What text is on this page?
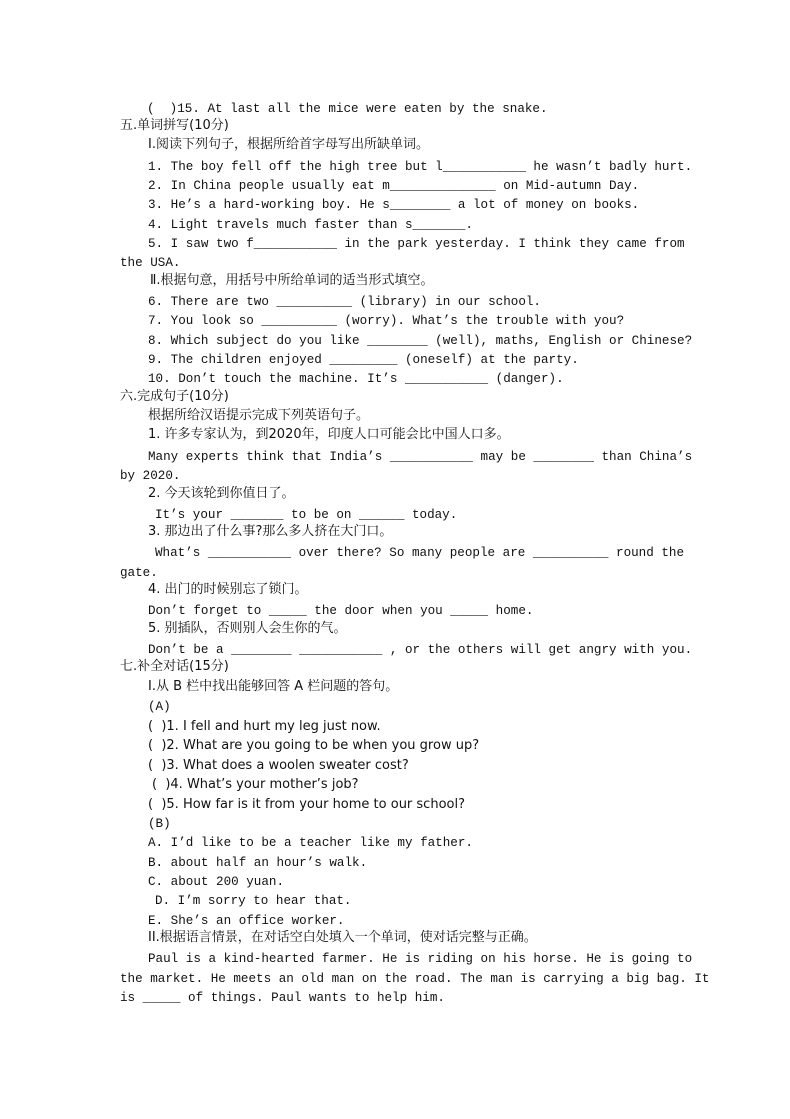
(  )15. At last all the mice were eaten by the snake.
五.单词拼写(10分)
Ⅰ.阅读下列句子，根据所给首字母写出所缺单词。
1. The boy fell off the high tree but l___________ he wasn’t badly hurt.
2. In China people usually eat m______________ on Mid-autumn Day.
3. He’s a hard-working boy. He s________ a lot of money on books.
4. Light travels much faster than s_______.
5. I saw two f___________ in the park yesterday. I think they came from
the USA.
Ⅱ.根据句意，用括号中所给单词的适当形式填空。
6. There are two __________ (library) in our school.
7. You look so __________ (worry). What’s the trouble with you?
8. Which subject do you like ________ (well), maths, English or Chinese?
9. The children enjoyed _________ (oneself) at the party.
10. Don’t touch the machine. It’s ___________ (danger).
六.完成句子(10分)
根据所给汉语提示完成下列英语句子。
1. 许多专家认为，到2020年，印度人口可能会比中国人口多。
Many experts think that India’s ___________ may be ________ than China’s
by 2020.
2. 今天该轮到你值日了。
It’s your _______ to be on ______ today.
3. 那边出了什么事?那么多人挤在大门口。
What’s ___________ over there? So many people are __________ round the
gate.
4. 出门的时候别忘了锁门。
Don’t forget to _____ the door when you _____ home.
5. 别插队，否则别人会生你的气。
Don’t be a ________ ___________ , or the others will get angry with you.
七.补全对话(15分)
I.从 B 栏中找出能够回答 A 栏问题的答句。
(A)
(  )1. I fell and hurt my leg just now.
(  )2. What are you going to be when you grow up?
(  )3. What does a woolen sweater cost?
(  )4. What’s your mother’s job?
(  )5. How far is it from your home to our school?
(B)
A. I’d like to be a teacher like my father.
B. about half an hour’s walk.
C. about 200 yuan.
D. I’m sorry to hear that.
E. She’s an office worker.
II.根据语言情景，在对话空白处填入一个单词，使对话完整与正确。
Paul is a kind-hearted farmer. He is riding on his horse. He is going to
the market. He meets an old man on the road. The man is carrying a big bag. It
is _____ of things. Paul wants to help him.
